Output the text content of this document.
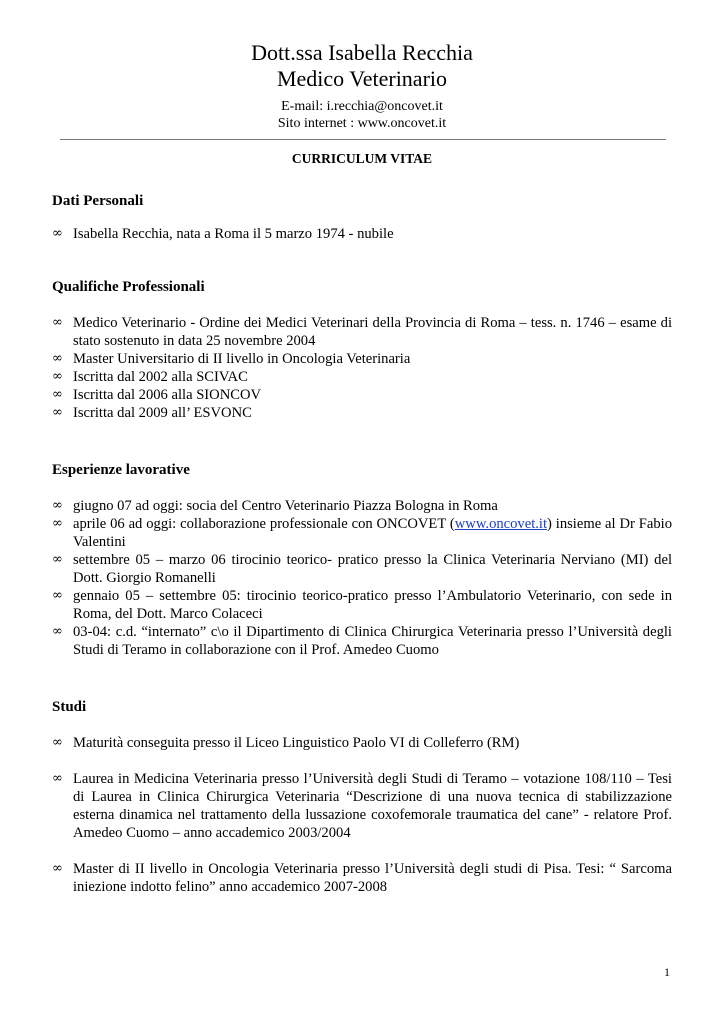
Dott.ssa Isabella Recchia
Medico Veterinario
E-mail: i.recchia@oncovet.it
Sito internet : www.oncovet.it
CURRICULUM VITAE
Dati Personali
∞ Isabella Recchia, nata a Roma il 5 marzo 1974 - nubile
Qualifiche Professionali
∞ Medico Veterinario - Ordine dei Medici Veterinari della Provincia di Roma – tess. n. 1746 – esame di stato sostenuto in data 25 novembre 2004
∞ Master Universitario di II livello in Oncologia Veterinaria
∞ Iscritta dal 2002 alla SCIVAC
∞ Iscritta dal 2006 alla SIONCOV
∞ Iscritta dal 2009 all’ ESVONC
Esperienze lavorative
∞ giugno 07 ad oggi: socia del Centro Veterinario Piazza Bologna in Roma
∞ aprile 06 ad oggi: collaborazione professionale con ONCOVET (www.oncovet.it) insieme al Dr Fabio Valentini
∞ settembre 05 – marzo 06 tirocinio teorico- pratico presso la Clinica Veterinaria Nerviano (MI) del Dott. Giorgio Romanelli
∞ gennaio 05 – settembre 05: tirocinio teorico-pratico presso l’Ambulatorio Veterinario, con sede in Roma, del Dott. Marco Colaceci
∞ 03-04: c.d. “internato” c\o il Dipartimento di Clinica Chirurgica Veterinaria presso l’Università degli Studi di Teramo in collaborazione con il Prof. Amedeo Cuomo
Studi
∞ Maturità conseguita presso il Liceo Linguistico Paolo VI di Colleferro (RM)
∞ Laurea in Medicina Veterinaria presso l’Università degli Studi di Teramo – votazione 108/110 – Tesi di Laurea in Clinica Chirurgica Veterinaria “Descrizione di una nuova tecnica di stabilizzazione esterna dinamica nel trattamento della lussazione coxofemorale traumatica del cane” - relatore Prof. Amedeo Cuomo – anno accademico 2003/2004
∞ Master di II livello in Oncologia Veterinaria presso l’Università degli studi di Pisa. Tesi: “ Sarcoma iniezione indotto felino” anno accademico 2007-2008
1
